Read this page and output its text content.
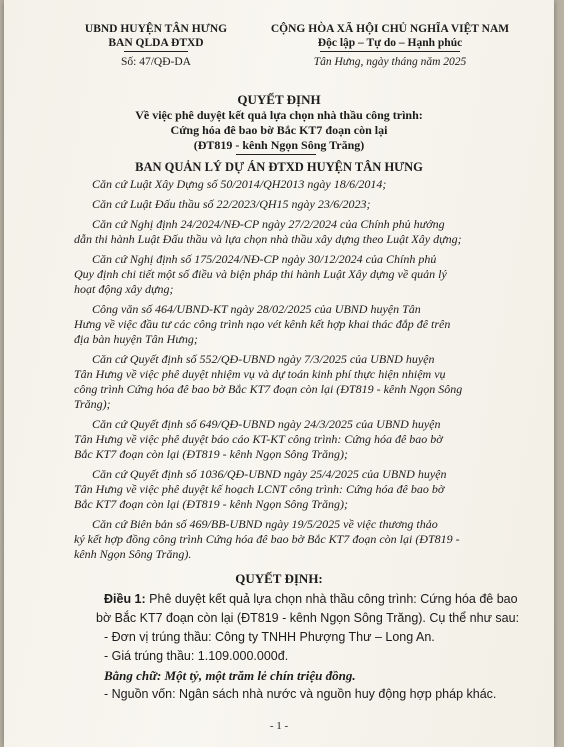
UBND HUYỆN TÂN HƯNG
BAN QLDA ĐTXD
Số: 47/QĐ-DA
CỘNG HÒA XÃ HỘI CHỦ NGHĨA VIỆT NAM
Độc lập – Tự do – Hạnh phúc
Tân Hưng, ngày tháng năm 2025
QUYẾT ĐỊNH
Về việc phê duyệt kết quả lựa chọn nhà thầu công trình:
Cứng hóa đê bao bờ Bắc KT7 đoạn còn lại
(ĐT819 - kênh Ngọn Sông Trăng)
BAN QUẢN LÝ DỰ ÁN ĐTXD HUYỆN TÂN HƯNG
Căn cứ Luật Xây Dựng số 50/2014/QH2013 ngày 18/6/2014;
Căn cứ Luật Đấu thầu số 22/2023/QH15 ngày 23/6/2023;
Căn cứ Nghị định 24/2024/NĐ-CP ngày 27/2/2024 của Chính phủ hướng
dẫn thi hành Luật Đấu thầu và lựa chọn nhà thầu xây dựng theo Luật Xây dựng;
Căn cứ Nghị định số 175/2024/NĐ-CP ngày 30/12/2024 của Chính phủ
Quy định chi tiết một số điều và biện pháp thi hành Luật Xây dựng về quản lý
hoạt động xây dựng;
Công văn số 464/UBND-KT ngày 28/02/2025 của UBND huyện Tân
Hưng về việc đầu tư các công trình nạo vét kênh kết hợp khai thác đắp đê trên
địa bàn huyện Tân Hưng;
Căn cứ Quyết định số 552/QĐ-UBND ngày 7/3/2025 của UBND huyện
Tân Hưng về việc phê duyệt nhiệm vụ và dự toán kinh phí thực hiện nhiệm vụ
công trình Cứng hóa đê bao bờ Bắc KT7 đoạn còn lại (ĐT819 - kênh Ngọn Sông
Trăng);
Căn cứ Quyết định số 649/QĐ-UBND ngày 24/3/2025 của UBND huyện
Tân Hưng về việc phê duyệt báo cáo KT-KT công trình: Cứng hóa đê bao bờ
Bắc KT7 đoạn còn lại (ĐT819 - kênh Ngọn Sông Trăng);
Căn cứ Quyết định số 1036/QĐ-UBND ngày 25/4/2025 của UBND huyện
Tân Hưng về việc phê duyệt kế hoạch LCNT công trình: Cứng hóa đê bao bờ
Bắc KT7 đoạn còn lại (ĐT819 - kênh Ngọn Sông Trăng);
Căn cứ Biên bản số 469/BB-UBND ngày 19/5/2025 về việc thương thảo
ký kết hợp đồng công trình Cứng hóa đê bao bờ Bắc KT7 đoạn còn lại (ĐT819 -
kênh Ngọn Sông Trăng).
QUYẾT ĐỊNH:
Điều 1: Phê duyệt kết quả lựa chọn nhà thầu công trình: Cứng hóa đê bao
bờ Bắc KT7 đoạn còn lại (ĐT819 - kênh Ngọn Sông Trăng). Cụ thể như sau:
- Đơn vị trúng thầu: Công ty TNHH Phượng Thư – Long An.
- Giá trúng thầu: 1.109.000.000đ.
Bằng chữ: Một tỷ, một trăm lẻ chín triệu đồng.
- Nguồn vốn: Ngân sách nhà nước và nguồn huy động hợp pháp khác.
- 1 -
